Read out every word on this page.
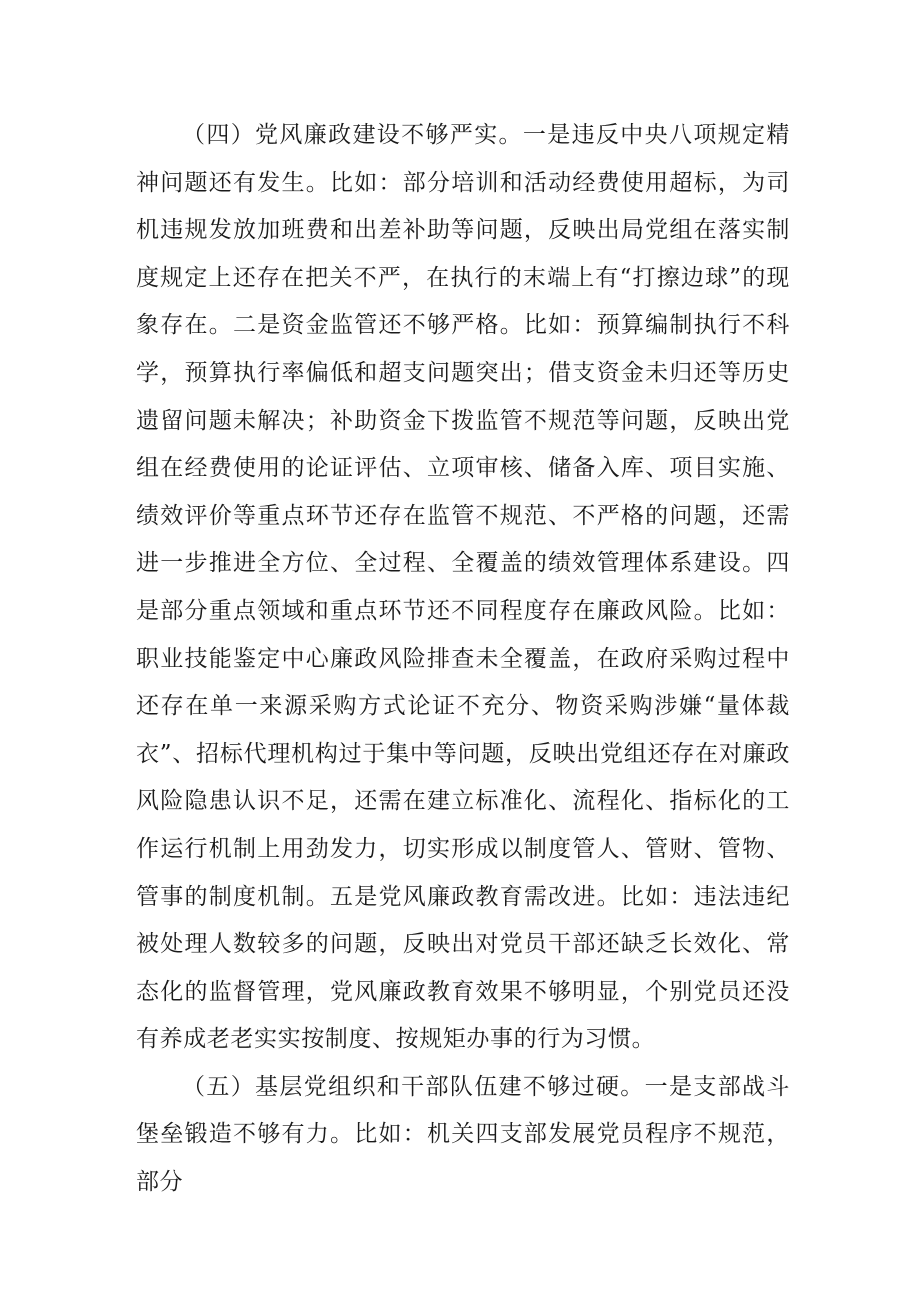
（四）党风廉政建设不够严实。一是违反中央八项规定精神问题还有发生。比如：部分培训和活动经费使用超标，为司机违规发放加班费和出差补助等问题，反映出局党组在落实制度规定上还存在把关不严，在执行的末端上有“打擦边球”的现象存在。二是资金监管还不够严格。比如：预算编制执行不科学，预算执行率偏低和超支问题突出；借支资金未归还等历史遗留问题未解决；补助资金下拨监管不规范等问题，反映出党组在经费使用的论证评估、立项审核、储备入库、项目实施、绩效评价等重点环节还存在监管不规范、不严格的问题，还需进一步推进全方位、全过程、全覆盖的绩效管理体系建设。四是部分重点领域和重点环节还不同程度存在廉政风险。比如：职业技能鉴定中心廉政风险排查未全覆盖，在政府采购过程中还存在单一来源采购方式论证不充分、物资采购涉嫌“量体裁衣”、招标代理机构过于集中等问题，反映出党组还存在对廉政风险隐患认识不足，还需在建立标准化、流程化、指标化的工作运行机制上用劲发力，切实形成以制度管人、管财、管物、管事的制度机制。五是党风廉政教育需改进。比如：违法违纪被处理人数较多的问题，反映出对党员干部还缺乏长效化、常态化的监督管理，党风廉政教育效果不够明显，个别党员还没有养成老老实实按制度、按规矩办事的行为习惯。

（五）基层党组织和干部队伍建不够过硬。一是支部战斗堡垒锻造不够有力。比如：机关四支部发展党员程序不规范，部分
